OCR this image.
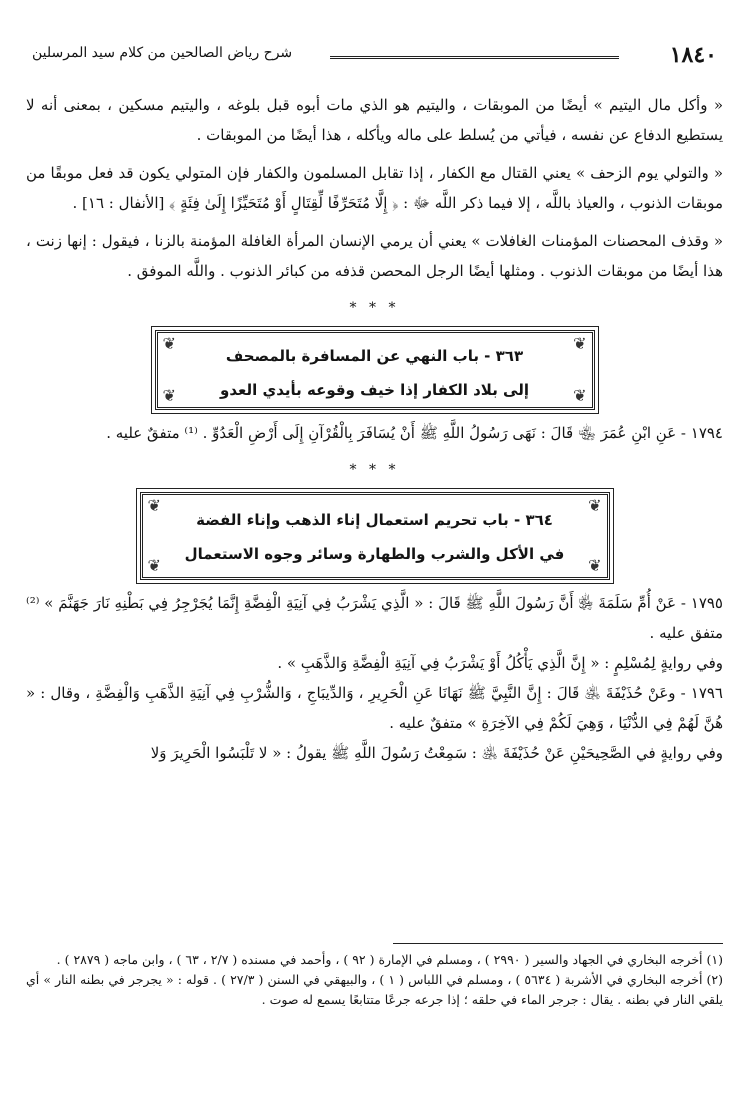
١٨٤٠
شرح رياض الصالحين من كلام سيد المرسلين

« وأكل مال اليتيم » أيضًا من الموبقات ، واليتيم هو الذي مات أبوه قبل بلوغه ، واليتيم مسكين ، بمعنى أنه لا يستطيع الدفاع عن نفسه ، فيأتي من يُسلط على ماله ويأكله ، هذا أيضًا من الموبقات .

« والتولي يوم الزحف » يعني القتال مع الكفار ، إذا تقابل المسلمون والكفار فإن المتولي يكون قد فعل موبقًا من موبقات الذنوب ، والعياذ باللَّه ، إلا فيما ذكر اللَّه ﷻ : ﴿ إِلَّا مُتَحَرِّفًا لِّقِتَالٍ أَوْ مُتَحَيِّزًا إِلَىٰ فِئَةٍ ﴾ [الأنفال : ١٦] .

« وقذف المحصنات المؤمنات الغافلات » يعني أن يرمي الإنسان المرأة الغافلة المؤمنة بالزنا ، فيقول : إنها زنت ، هذا أيضًا من موبقات الذنوب . ومثلها أيضًا الرجل المحصن قذفه من كبائر الذنوب . واللَّه الموفق .

* * *
❦	❦
❦	❦
٣٦٣ - باب النهي عن المسافرة بالمصحف
إلى بلاد الكفار إذا خيف وقوعه بأيدي العدو

١٧٩٤ - عَنِ ابْنِ عُمَرَ ﵄ قَالَ : نَهَى رَسُولُ اللَّهِ ﷺ أَنْ يُسَافَرَ بِالْقُرْآنِ إِلَى أَرْضِ الْعَدُوِّ . ⁽¹⁾ متفقٌ عليه .

* * *
❦	❦
❦	❦
٣٦٤ - باب تحريم استعمال إناء الذهب وإناء الفضة
في الأكل والشرب والطهارة وسائر وجوه الاستعمال

١٧٩٥ - عَنْ أُمِّ سَلَمَةَ ﵂ أَنَّ رَسُولَ اللَّهِ ﷺ قَالَ : « الَّذِي يَشْرَبُ فِي آنِيَةِ الْفِضَّةِ إِنَّمَا يُجَرْجِرُ فِي بَطْنِهِ نَارَ جَهَنَّمَ » ⁽²⁾ متفق عليه .

وفي روايةٍ لِمُسْلِمٍ : « إِنَّ الَّذِي يَأْكُلُ أَوْ يَشْرَبُ فِي آنِيَةِ الْفِضَّةِ وَالذَّهَبِ » .

١٧٩٦ - وعَنْ حُذَيْفَةَ ﵁ قَالَ : إِنَّ النَّبِيَّ ﷺ نَهَانَا عَنِ الْحَرِيرِ ، وَالدِّيبَاجِ ، وَالشُّرْبِ فِي آنِيَةِ الذَّهَبِ وَالْفِضَّةِ ، وقال : « هُنَّ لَهُمْ فِي الدُّنْيَا ، وَهِيَ لَكُمْ فِي الآخِرَةِ » متفقٌ عليه .

وفي روايةٍ في الصَّحِيحَيْنِ عَنْ حُذَيْفَةَ ﵁ : سَمِعْتُ رَسُولَ اللَّهِ ﷺ يقولُ : « لا تَلْبَسُوا الْحَرِيرَ وَلا

(١) أخرجه البخاري في الجهاد والسير ( ٢٩٩٠ ) ، ومسلم في الإمارة ( ٩٢ ) ، وأحمد في مسنده ( ٢/٧ ، ٦٣ ) ، وابن ماجه ( ٢٨٧٩ ) .

(٢) أخرجه البخاري في الأشربة ( ٥٦٣٤ ) ، ومسلم في اللباس ( ١ ) ، والبيهقي في السنن ( ٢٧/٣ ) . قوله : « يجرجر في بطنه النار » أي يلقي النار في بطنه . يقال : جرجر الماء في حلقه ؛ إذا جرعه جرعًا متتابعًا يسمع له صوت .
